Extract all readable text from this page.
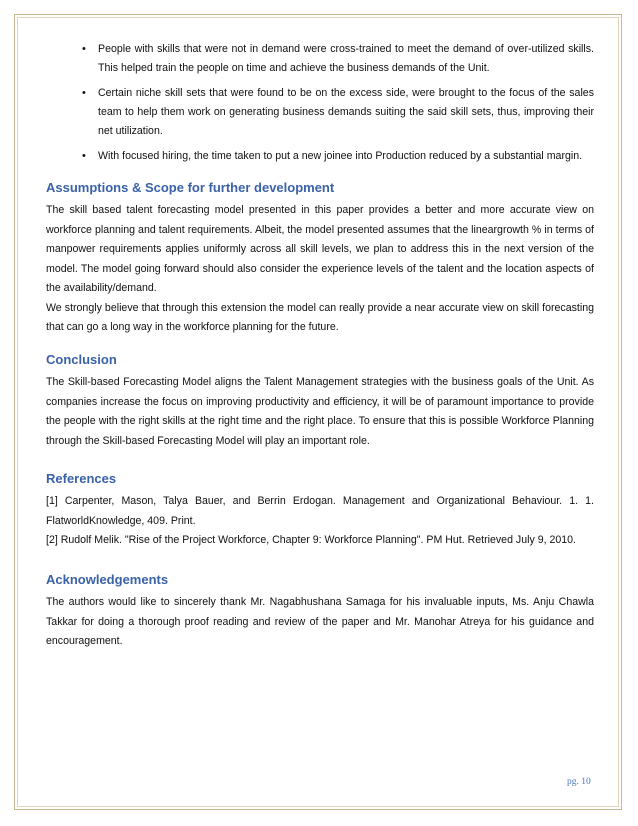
• People with skills that were not in demand were cross-trained to meet the demand of over-utilized skills. This helped train the people on time and achieve the business demands of the Unit.
• Certain niche skill sets that were found to be on the excess side, were brought to the focus of the sales team to help them work on generating business demands suiting the said skill sets, thus, improving their net utilization.
• With focused hiring, the time taken to put a new joinee into Production reduced by a substantial margin.
Assumptions & Scope for further development

The skill based talent forecasting model presented in this paper provides a better and more accurate view on workforce planning and talent requirements. Albeit, the model presented assumes that the lineargrowth % in terms of manpower requirements applies uniformly across all skill levels, we plan to address this in the next version of the model. The model going forward should also consider the experience levels of the talent and the location aspects of the availability/demand.

We strongly believe that through this extension the model can really provide a near accurate view on skill forecasting that can go a long way in the workforce planning for the future.

Conclusion

The Skill-based Forecasting Model aligns the Talent Management strategies with the business goals of the Unit. As companies increase the focus on improving productivity and efficiency, it will be of paramount importance to provide the people with the right skills at the right time and the right place. To ensure that this is possible Workforce Planning through the Skill-based Forecasting Model will play an important role.

References

[1] Carpenter, Mason, Talya Bauer, and Berrin Erdogan. Management and Organizational Behaviour. 1. 1. FlatworldKnowledge, 409. Print.

[2] Rudolf Melik. "Rise of the Project Workforce, Chapter 9: Workforce Planning". PM Hut. Retrieved July 9, 2010.

Acknowledgements

The authors would like to sincerely thank Mr. Nagabhushana Samaga for his invaluable inputs, Ms. Anju Chawla Takkar for doing a thorough proof reading and review of the paper and Mr. Manohar Atreya for his guidance and encouragement.

pg. 10
